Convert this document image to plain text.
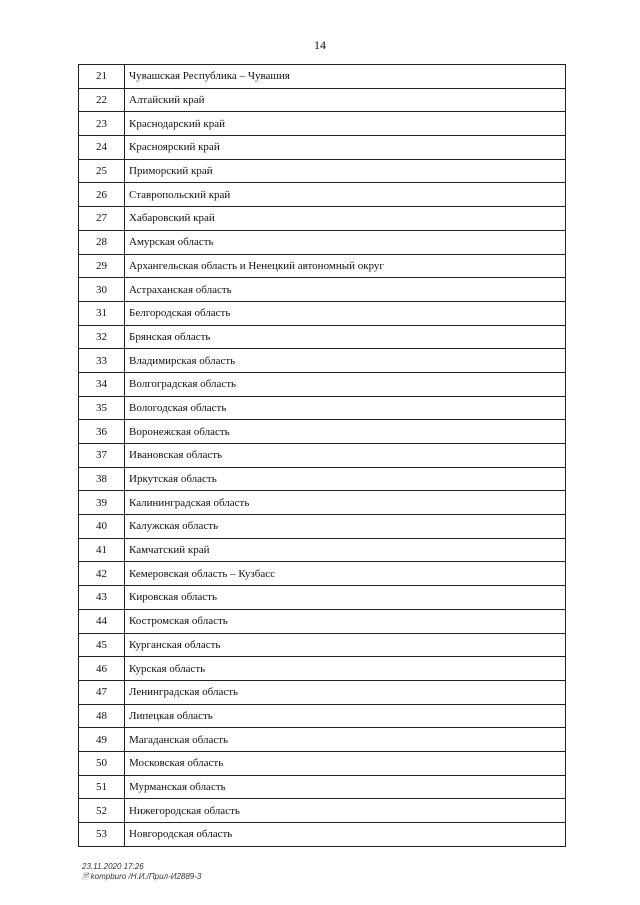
14
21	Чувашская Республика – Чувашия
22	Алтайский край
23	Краснодарский край
24	Красноярский край
25	Приморский край
26	Ставропольский край
27	Хабаровский край
28	Амурская область
29	Архангельская область и Ненецкий автономный округ
30	Астраханская область
31	Белгородская область
32	Брянская область
33	Владимирская область
34	Волгоградская область
35	Вологодская область
36	Воронежская область
37	Ивановская область
38	Иркутская область
39	Калининградская область
40	Калужская область
41	Камчатский край
42	Кемеровская область – Кузбасс
43	Кировская область
44	Костромская область
45	Курганская область
46	Курская область
47	Ленинградская область
48	Липецкая область
49	Магаданская область
50	Московская область
51	Мурманская область
52	Нижегородская область
53	Новгородская область
23.11.2020 17:26
🗎 kompburo /Н.И./Прил-И2889-3
